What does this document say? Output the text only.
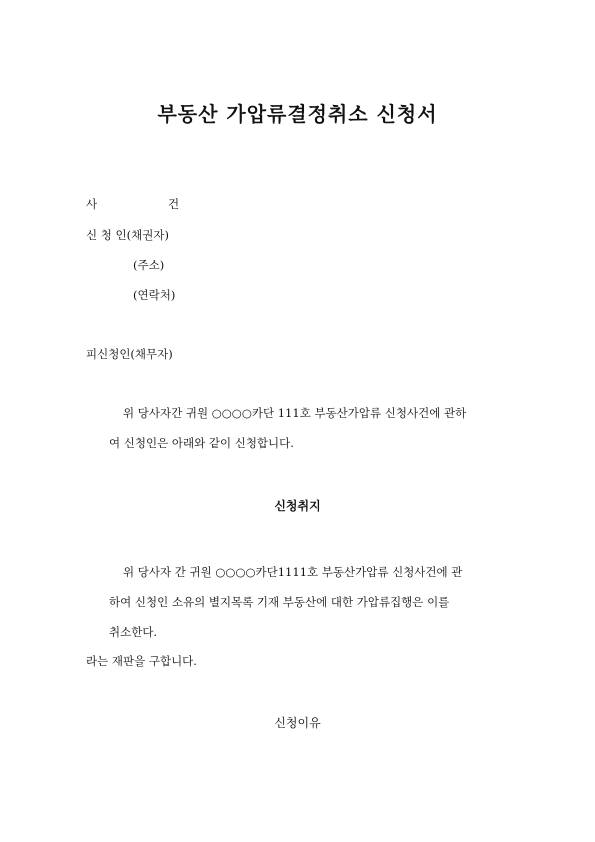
부동산 가압류결정취소 신청서
사	건
신 청 인(채권자)
(주소)
(연락처)
피신청인(채무자)
위 당사자간 귀원 ○○○○카단 111호 부동산가압류 신청사건에 관하
여 신청인은 아래와 같이 신청합니다.
신청취지
위 당사자 간 귀원 ○○○○카단1111호 부동산가압류 신청사건에 관
하여 신청인 소유의 별지목록 기재 부동산에 대한 가압류집행은 이를
취소한다.
라는 재판을 구합니다.
신청이유
